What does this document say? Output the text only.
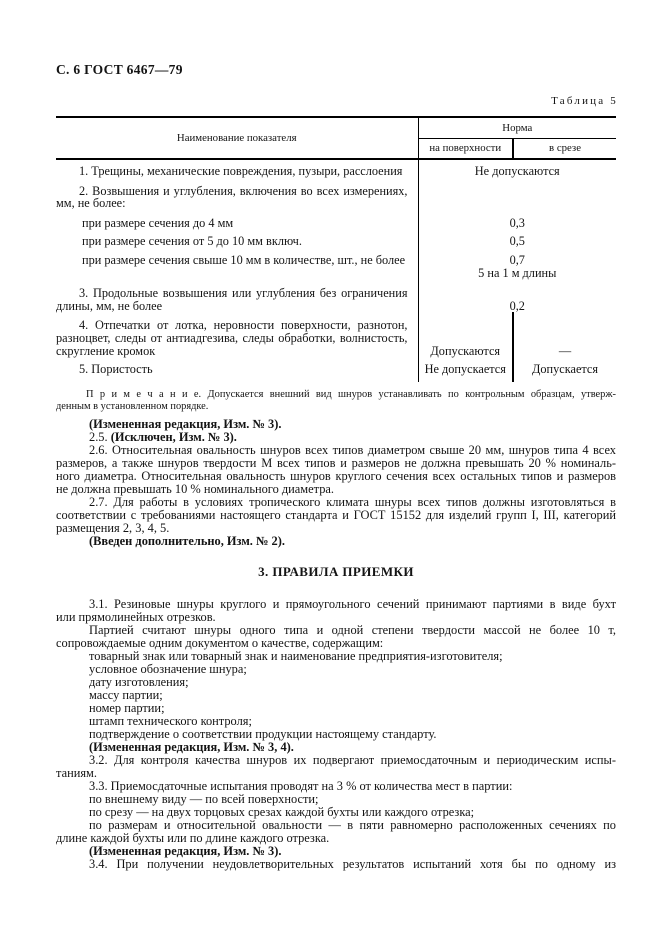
С. 6 ГОСТ 6467—79
Таблица 5
Наименование показателя	Норма	
	на поверхности	в срезе

1. Трещины, механические повреждения, пузыри, расслоения	Не допускаются	

2. Возвышения и углубления, включения во всех измерениях,
мм, не более:		

при размере сечения до 4 мм	0,3	

при размере сечения от 5 до 10 мм включ.	0,5	

при размере сечения свыше 10 мм в количестве, шт., не более	0,7
5 на 1 м длины	

3. Продольные возвышения или углубления без ограничения
длины, мм, не более	0,2	

4. Отпечатки от лотка, неровности поверхности, разнотон,
разноцвет, следы от антиадгезива, следы обработки, волнистость,
скругление кромок	Допускаются	—

5. Пористость	Не допускается	Допускается
П р и м е ч а н и е. Допускается внешний вид шнуров устанавливать по контрольным образцам, утверж-
денным в установленном порядке.
(Измененная редакция, Изм. № 3).
2.5. (Исключен, Изм. № 3).
2.6. Относительная овальность шнуров всех типов диаметром свыше 20 мм, шнуров типа 4 всех
размеров, а также шнуров твердости М всех типов и размеров не должна превышать 20 % номиналь-
ного диаметра. Относительная овальность шнуров круглого сечения всех остальных типов и размеров
не должна превышать 10 % номинального диаметра.
2.7. Для работы в условиях тропического климата шнуры всех типов должны изготовляться в
соответствии с требованиями настоящего стандарта и ГОСТ 15152 для изделий групп I, III, категорий
размещения 2, 3, 4, 5.
(Введен дополнительно, Изм. № 2).
3. ПРАВИЛА ПРИЕМКИ
3.1. Резиновые шнуры круглого и прямоугольного сечений принимают партиями в виде бухт
или прямолинейных отрезков.
Партией считают шнуры одного типа и одной степени твердости массой не более 10 т,
сопровождаемые одним документом о качестве, содержащим:
товарный знак или товарный знак и наименование предприятия-изготовителя;
условное обозначение шнура;
дату изготовления;
массу партии;
номер партии;
штамп технического контроля;
подтверждение о соответствии продукции настоящему стандарту.
(Измененная редакция, Изм. № 3, 4).
3.2. Для контроля качества шнуров их подвергают приемосдаточным и периодическим испы-
таниям.
3.3. Приемосдаточные испытания проводят на 3 % от количества мест в партии:
по внешнему виду — по всей поверхности;
по срезу — на двух торцовых срезах каждой бухты или каждого отрезка;
по размерам и относительной овальности — в пяти равномерно расположенных сечениях по
длине каждой бухты или по длине каждого отрезка.
(Измененная редакция, Изм. № 3).
3.4. При получении неудовлетворительных результатов испытаний хотя бы по одному из
